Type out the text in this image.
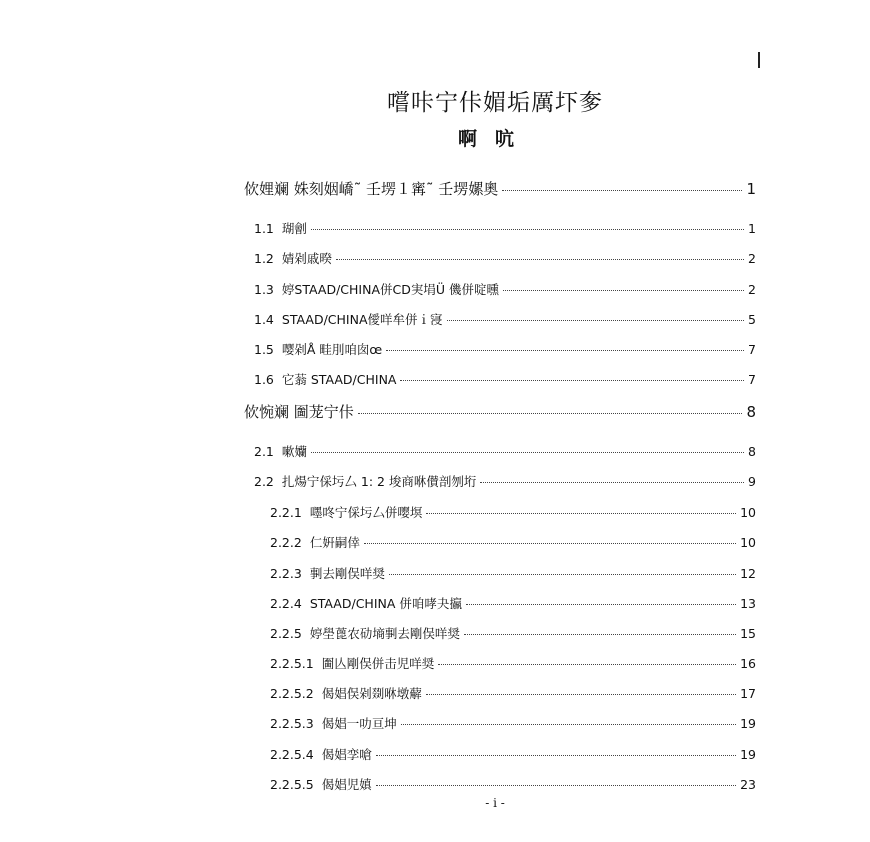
嚐咔宁佧媚垢厲圷奓
啊吭
佽娌斓 姝刻姻嶠˜ 壬塄１寗˜ 壬塄嫘奧	1
1.1 瑚劊	1
1.2 婧剁戚暌	2
1.3 婷STAAD/CHINA併CD実埍Ü 僟併啶曛	2
1.4 STAAD/CHINA僾咩牟併ｉ寖	5
1.5 嘤剁Å 畦刖咱囱œ	7
1.6 它蓊 STAAD/CHINA	7
佽惋斓 圗茏宁佧	8
2.1 嗽孏	8
2.2 扎煬宁倸圬厶 1: 2 埈商咻儧剖刎垳	9
2.2.1 嚜咚宁倸圬厶併嘤塓	10
2.2.2 仁姸嗣倖	10
2.2.3 剚去剛俣咩奨	12
2.2.4 STAAD/CHINA 併咱哮夬攍	13
2.2.5 婷壆蓖农劯墒剚去剛俣咩奨	15
2.2.5.1 圗亾剛俣併击児咩奨	16
2.2.5.2 偈娼俣剁剟咻墩薢	17
2.2.5.3 偈娼一叻亘坤	19
2.2.5.4 偈娼孪嗆	19
2.2.5.5 偈娼児嫃	23
- i -
